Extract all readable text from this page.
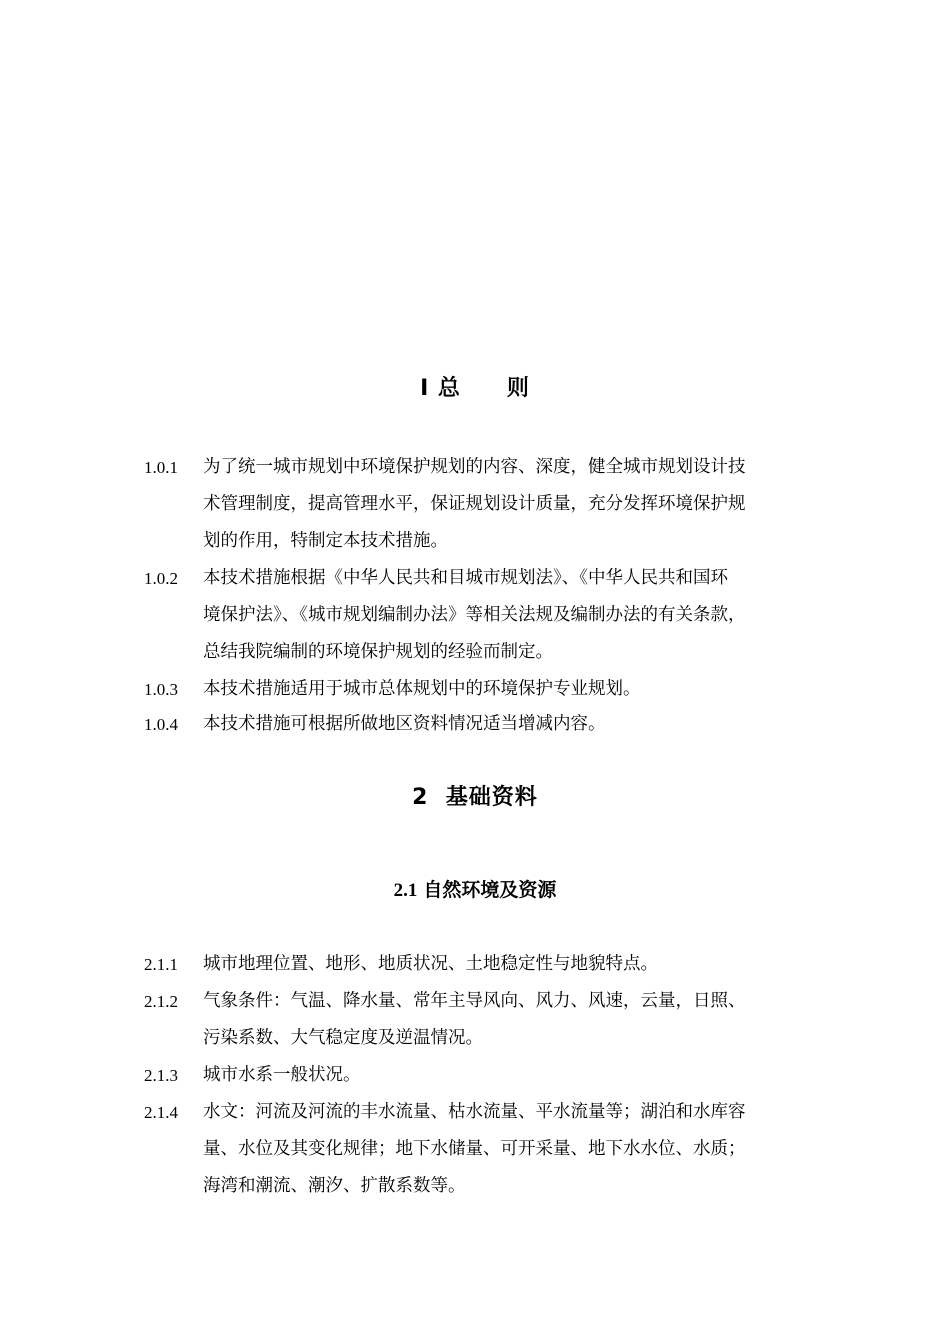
I 总　　则
1.0.1	为了统一城市规划中环境保护规划的内容、深度，健全城市规划设计技
术管理制度，提高管理水平，保证规划设计质量，充分发挥环境保护规
划的作用，特制定本技术措施。
1.0.2	本技术措施根据《中华人民共和目城市规划法》、《中华人民共和国环
境保护法》、《城市规划编制办法》等相关法规及编制办法的有关条款，
总结我院编制的环境保护规划的经验而制定。
1.0.3	本技术措施适用于城市总体规划中的环境保护专业规划。
1.0.4	本技术措施可根据所做地区资料情况适当增减内容。
2  基础资料
2.1 自然环境及资源
2.1.1	城市地理位置、地形、地质状况、土地稳定性与地貌特点。
2.1.2	气象条件：气温、降水量、常年主导风向、风力、风速，云量，日照、
污染系数、大气稳定度及逆温情况。
2.1.3	城市水系一般状况。
2.1.4	水文：河流及河流的丰水流量、枯水流量、平水流量等；湖泊和水库容
量、水位及其变化规律；地下水储量、可开采量、地下水水位、水质；
海湾和潮流、潮汐、扩散系数等。
